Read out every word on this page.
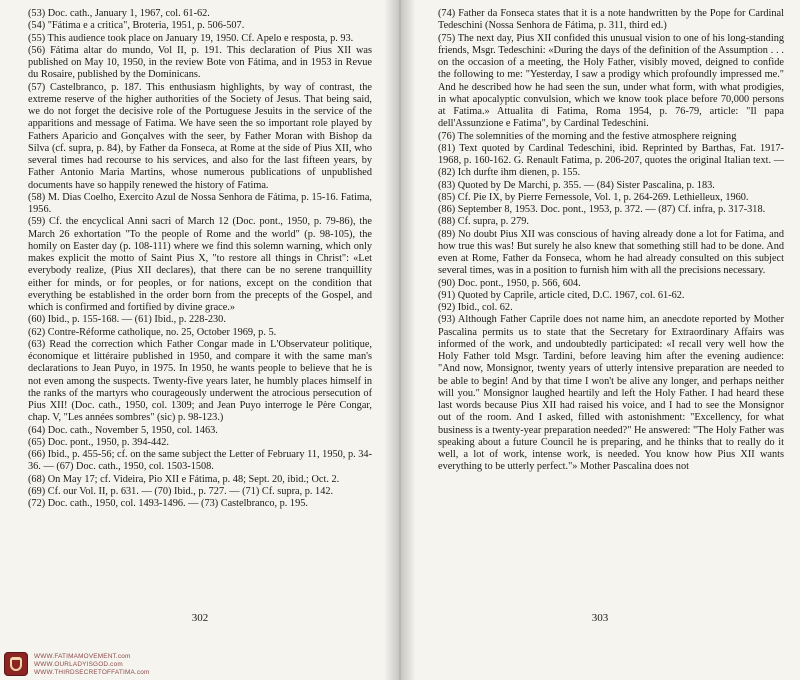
(53) Doc. cath., January 1, 1967, col. 61-62.

(54) "Fátima e a critica", Broteria, 1951, p. 506-507.

(55) This audience took place on January 19, 1950. Cf. Apelo e resposta, p. 93.

(56) Fátima altar do mundo, Vol II, p. 191. This declaration of Pius XII was published on May 10, 1950, in the review Bote von Fátima, and in 1953 in Revue du Rosaire, published by the Dominicans.

(57) Castelbranco, p. 187. This enthusiasm highlights, by way of contrast, the extreme reserve of the higher authorities of the Society of Jesus. That being said, we do not forget the decisive role of the Portuguese Jesuits in the service of the apparitions and message of Fatima. We have seen the so important role played by Fathers Aparicio and Gonçalves with the seer, by Father Moran with Bishop da Silva (cf. supra, p. 84), by Father da Fonseca, at Rome at the side of Pius XII, who several times had recourse to his services, and also for the last fifteen years, by Father Antonio Maria Martins, whose numerous publications of unpublished documents have so happily renewed the history of Fatima.

(58) M. Dias Coelho, Exercito Azul de Nossa Senhora de Fátima, p. 15-16. Fatima, 1956.

(59) Cf. the encyclical Anni sacri of March 12 (Doc. pont., 1950, p. 79-86), the March 26 exhortation "To the people of Rome and the world" (p. 98-105), the homily on Easter day (p. 108-111) where we find this solemn warning, which only makes explicit the motto of Saint Pius X, "to restore all things in Christ": «Let everybody realize, (Pius XII declares), that there can be no serene tranquillity either for minds, or for peoples, or for nations, except on the condition that everything be established in the order born from the precepts of the Gospel, and which is confirmed and fortified by divine grace.»

(60) Ibid., p. 155-168. — (61) Ibid., p. 228-230.

(62) Contre-Réforme catholique, no. 25, October 1969, p. 5.

(63) Read the correction which Father Congar made in L'Observateur politique, économique et littéraire published in 1950, and compare it with the same man's declarations to Jean Puyo, in 1975. In 1950, he wants people to believe that he is not even among the suspects. Twenty-five years later, he humbly places himself in the ranks of the martyrs who courageously underwent the atrocious persecution of Pius XII! (Doc. cath., 1950, col. 1309; and Jean Puyo interroge le Père Congar, chap. V, "Les années sombres" (sic) p. 98-123.)

(64) Doc. cath., November 5, 1950, col. 1463.

(65) Doc. pont., 1950, p. 394-442.

(66) Ibid., p. 455-56; cf. on the same subject the Letter of February 11, 1950, p. 34-36. — (67) Doc. cath., 1950, col. 1503-1508.

(68) On May 17; cf. Videira, Pio XII e Fátima, p. 48; Sept. 20, ibid.; Oct. 2.

(69) Cf. our Vol. II, p. 631. — (70) Ibid., p. 727. — (71) Cf. supra, p. 142.

(72) Doc. cath., 1950, col. 1493-1496. — (73) Castelbranco, p. 195.

302
WWW.FATIMAMOVEMENT.com
WWW.OURLADYISGOD.com
WWW.THIRDSECRETOFFATIMA.com

(74) Father da Fonseca states that it is a note handwritten by the Pope for Cardinal Tedeschini (Nossa Senhora de Fátima, p. 311, third ed.)

(75) The next day, Pius XII confided this unusual vision to one of his long-standing friends, Msgr. Tedeschini: «During the days of the definition of the Assumption . . . on the occasion of a meeting, the Holy Father, visibly moved, deigned to confide the following to me: "Yesterday, I saw a prodigy which profoundly impressed me." And he described how he had seen the sun, under what form, with what prodigies, in what apocalyptic convulsion, which we know took place before 70,000 persons at Fatima.» Attualita di Fatima, Roma 1954, p. 76-79, article: "Il papa dell'Assunzione e Fatima", by Cardinal Tedeschini.

(76) The solemnities of the morning and the festive atmosphere reigning

(81) Text quoted by Cardinal Tedeschini, ibid. Reprinted by Barthas, Fat. 1917-1968, p. 160-162. G. Renault Fatima, p. 206-207, quotes the original Italian text. — (82) Ich durfte ihm dienen, p. 155.

(83) Quoted by De Marchi, p. 355. — (84) Sister Pascalina, p. 183.

(85) Cf. Pie IX, by Pierre Fernessole, Vol. 1, p. 264-269. Lethielleux, 1960.

(86) September 8, 1953. Doc. pont., 1953, p. 372. — (87) Cf. infra, p. 317-318.

(88) Cf. supra, p. 279.

(89) No doubt Pius XII was conscious of having already done a lot for Fatima, and how true this was! But surely he also knew that something still had to be done. And even at Rome, Father da Fonseca, whom he had already consulted on this subject several times, was in a position to furnish him with all the precisions necessary.

(90) Doc. pont., 1950, p. 566, 604.

(91) Quoted by Caprile, article cited, D.C. 1967, col. 61-62.

(92) Ibid., col. 62.

(93) Although Father Caprile does not name him, an anecdote reported by Mother Pascalina permits us to state that the Secretary for Extraordinary Affairs was informed of the work, and undoubtedly participated: «I recall very well how the Holy Father told Msgr. Tardini, before leaving him after the evening audience: "And now, Monsignor, twenty years of utterly intensive preparation are needed to be able to begin! And by that time I won't be alive any longer, and perhaps neither will you." Monsignor laughed heartily and left the Holy Father. I had heard these last words because Pius XII had raised his voice, and I had to see the Monsignor out of the room. And I asked, filled with astonishment: "Excellency, for what business is a twenty-year preparation needed?" He answered: "The Holy Father was speaking about a future Council he is preparing, and he thinks that to really do it well, a lot of work, intense work, is needed. You know how Pius XII wants everything to be utterly perfect."» Mother Pascalina does not

303
